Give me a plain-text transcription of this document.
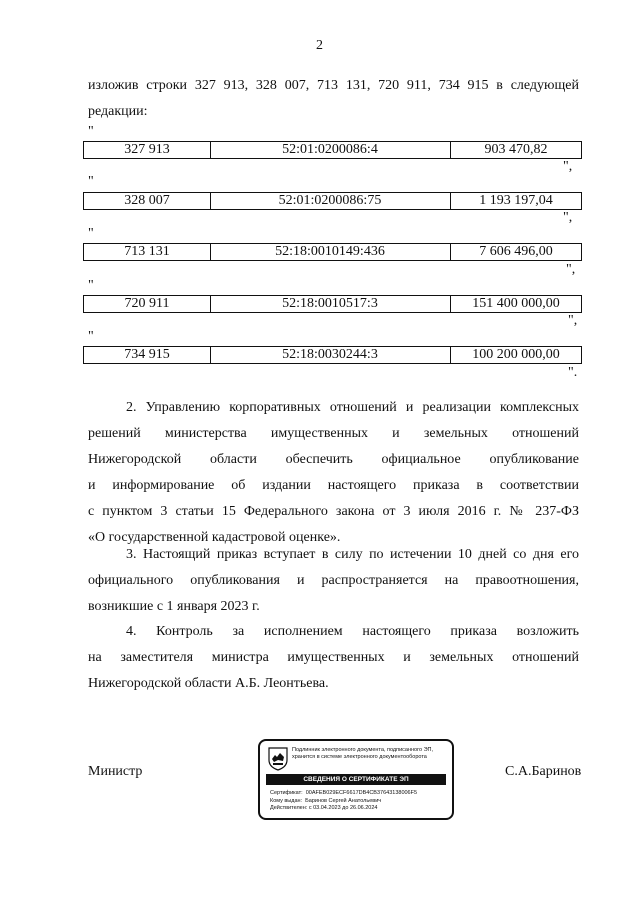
2
изложив строки 327 913, 328 007, 713 131, 720 911, 734 915 в следующей
редакции:
"
327 913	52:01:0200086:4	903 470,82
",
"
328 007	52:01:0200086:75	1 193 197,04
",
"
713 131	52:18:0010149:436	7 606 496,00
",
"
720 911	52:18:0010517:3	151 400 000,00
",
"
734 915	52:18:0030244:3	100 200 000,00
".
2. Управлению корпоративных отношений и реализации комплексных
решений министерства имущественных и земельных отношений
Нижегородской области обеспечить официальное опубликование
и информирование об издании настоящего приказа в соответствии
с пунктом 3 статьи 15 Федерального закона от 3 июля 2016 г. № 237-ФЗ
«О государственной кадастровой оценке».
3. Настоящий приказ вступает в силу по истечении 10 дней со дня его
официального опубликования и распространяется на правоотношения,
возникшие с 1 января 2023 г.
4. Контроль за исполнением настоящего приказа возложить
на заместителя министра имущественных и земельных отношений
Нижегородской области А.Б. Леонтьева.
Министр	С.А.Баринов
Подлинник электронного документа, подписанного ЭП,
хранится в системе электронного документооборота
СВЕДЕНИЯ О СЕРТИФИКАТЕ ЭП
Сертификат: 00AFEB029ECF6617DB4CB37643138006F5
Кому выдан: Баринов Сергей Анатольевич
Действителен: с 03.04.2023 до 26.06.2024
